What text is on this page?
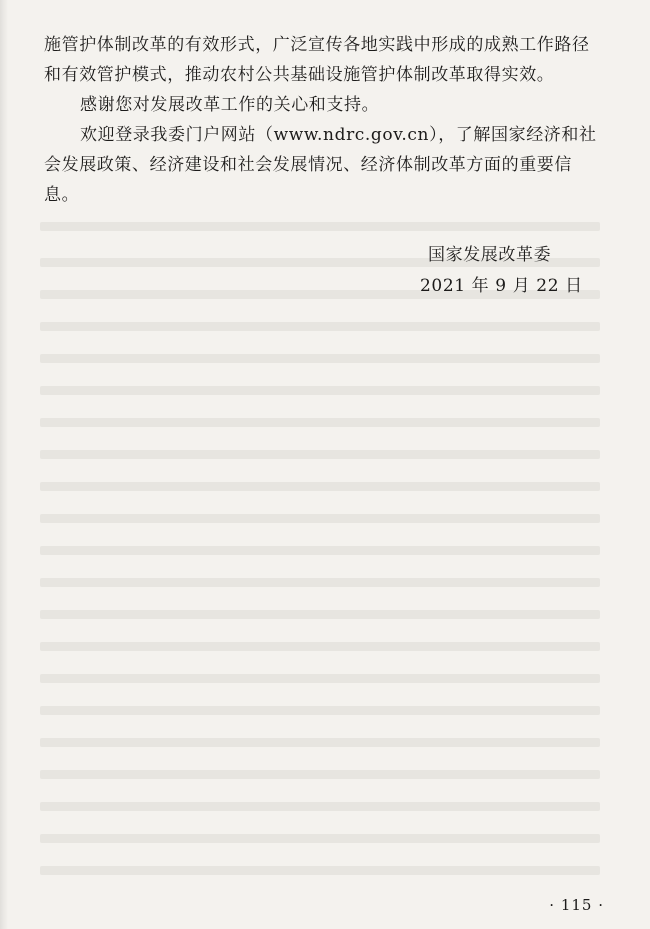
施管护体制改革的有效形式，广泛宣传各地实践中形成的成熟工作路径和有效管护模式，推动农村公共基础设施管护体制改革取得实效。

感谢您对发展改革工作的关心和支持。

欢迎登录我委门户网站（www.ndrc.gov.cn），了解国家经济和社会发展政策、经济建设和社会发展情况、经济体制改革方面的重要信息。

国家发展改革委

2021 年 9 月 22 日

· 115 ·
